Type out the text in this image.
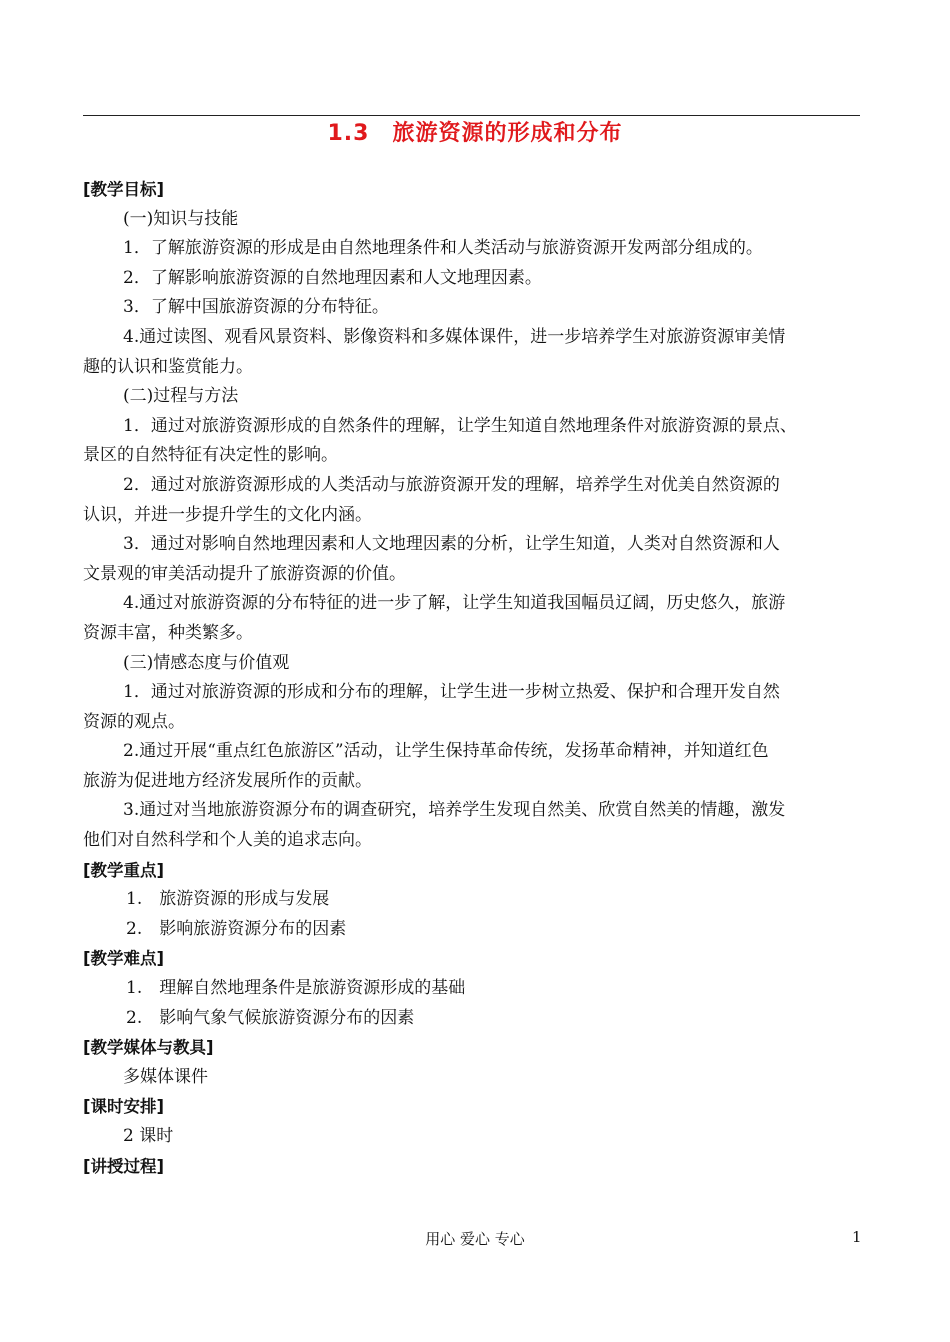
1.3　旅游资源的形成和分布
[教学目标]
(一)知识与技能
1．了解旅游资源的形成是由自然地理条件和人类活动与旅游资源开发两部分组成的。
2．了解影响旅游资源的自然地理因素和人文地理因素。
3．了解中国旅游资源的分布特征。
4.通过读图、观看风景资料、影像资料和多媒体课件，进一步培养学生对旅游资源审美情
趣的认识和鉴赏能力。
(二)过程与方法
1．通过对旅游资源形成的自然条件的理解，让学生知道自然地理条件对旅游资源的景点、
景区的自然特征有决定性的影响。
2．通过对旅游资源形成的人类活动与旅游资源开发的理解，培养学生对优美自然资源的
认识，并进一步提升学生的文化内涵。
3．通过对影响自然地理因素和人文地理因素的分析，让学生知道，人类对自然资源和人
文景观的审美活动提升了旅游资源的价值。
4.通过对旅游资源的分布特征的进一步了解，让学生知道我国幅员辽阔，历史悠久，旅游
资源丰富，种类繁多。
(三)情感态度与价值观
1．通过对旅游资源的形成和分布的理解，让学生进一步树立热爱、保护和合理开发自然
资源的观点。
2.通过开展“重点红色旅游区”活动，让学生保持革命传统，发扬革命精神，并知道红色
旅游为促进地方经济发展所作的贡献。
3.通过对当地旅游资源分布的调查研究，培养学生发现自然美、欣赏自然美的情趣，激发
他们对自然科学和个人美的追求志向。
[教学重点]
1.　旅游资源的形成与发展
2.　影响旅游资源分布的因素
[教学难点]
1.　理解自然地理条件是旅游资源形成的基础
2.　影响气象气候旅游资源分布的因素
[教学媒体与教具]
多媒体课件
[课时安排]
2 课时
[讲授过程]
用心 爱心 专心	1
